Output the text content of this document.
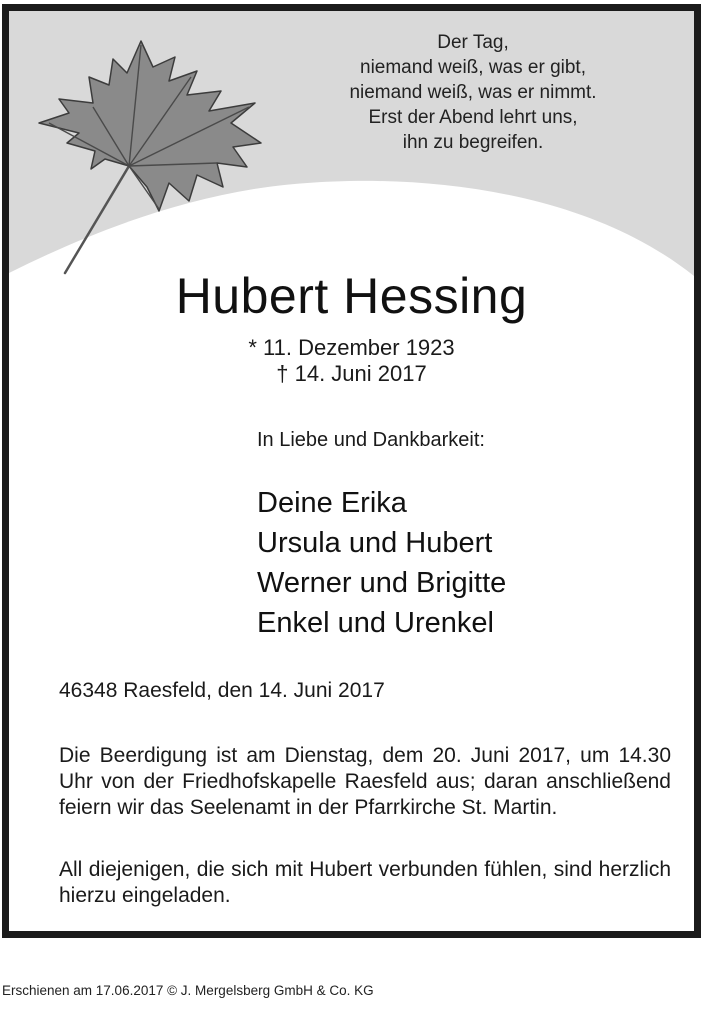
Der Tag,
niemand weiß, was er gibt,
niemand weiß, was er nimmt.
Erst der Abend lehrt uns,
ihn zu begreifen.
Hubert Hessing
* 11. Dezember 1923
† 14. Juni 2017
In Liebe und Dankbarkeit:
Deine Erika
Ursula und Hubert
Werner und Brigitte
Enkel und Urenkel
46348 Raesfeld, den 14. Juni 2017

Die Beerdigung ist am Dienstag, dem 20. Juni 2017, um 14.30 Uhr von der Friedhofskapelle Raesfeld aus; daran anschließend feiern wir das Seelenamt in der Pfarrkirche St. Martin.

All diejenigen, die sich mit Hubert verbunden fühlen, sind herzlich hierzu eingeladen.

Erschienen am 17.06.2017 © J. Mergelsberg GmbH & Co. KG
